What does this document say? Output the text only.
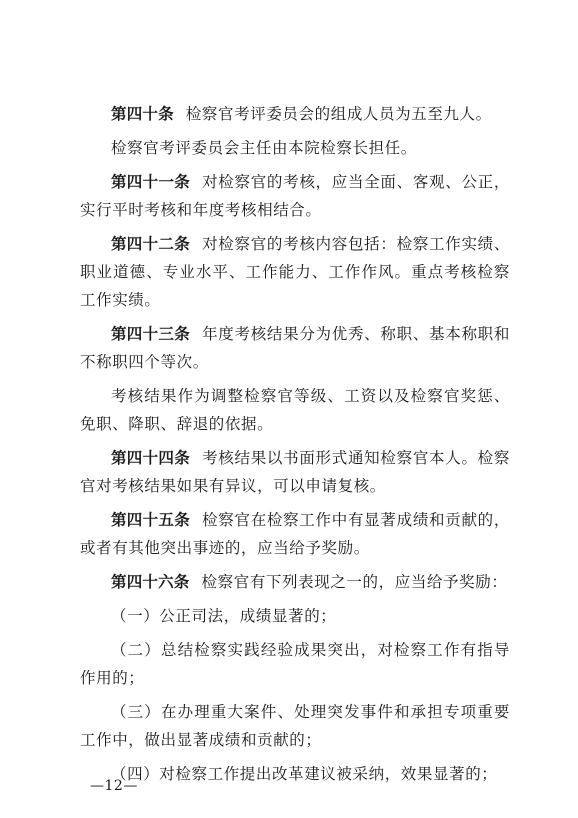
第四十条 检察官考评委员会的组成人员为五至九人。

检察官考评委员会主任由本院检察长担任。

第四十一条 对检察官的考核，应当全面、客观、公正，实行平时考核和年度考核相结合。

第四十二条 对检察官的考核内容包括：检察工作实绩、职业道德、专业水平、工作能力、工作作风。重点考核检察工作实绩。

第四十三条 年度考核结果分为优秀、称职、基本称职和不称职四个等次。

考核结果作为调整检察官等级、工资以及检察官奖惩、免职、降职、辞退的依据。

第四十四条 考核结果以书面形式通知检察官本人。检察官对考核结果如果有异议，可以申请复核。

第四十五条 检察官在检察工作中有显著成绩和贡献的，或者有其他突出事迹的，应当给予奖励。

第四十六条 检察官有下列表现之一的，应当给予奖励：

（一）公正司法，成绩显著的；

（二）总结检察实践经验成果突出，对检察工作有指导作用的；

（三）在办理重大案件、处理突发事件和承担专项重要工作中，做出显著成绩和贡献的；

（四）对检察工作提出改革建议被采纳，效果显著的；

—12—
